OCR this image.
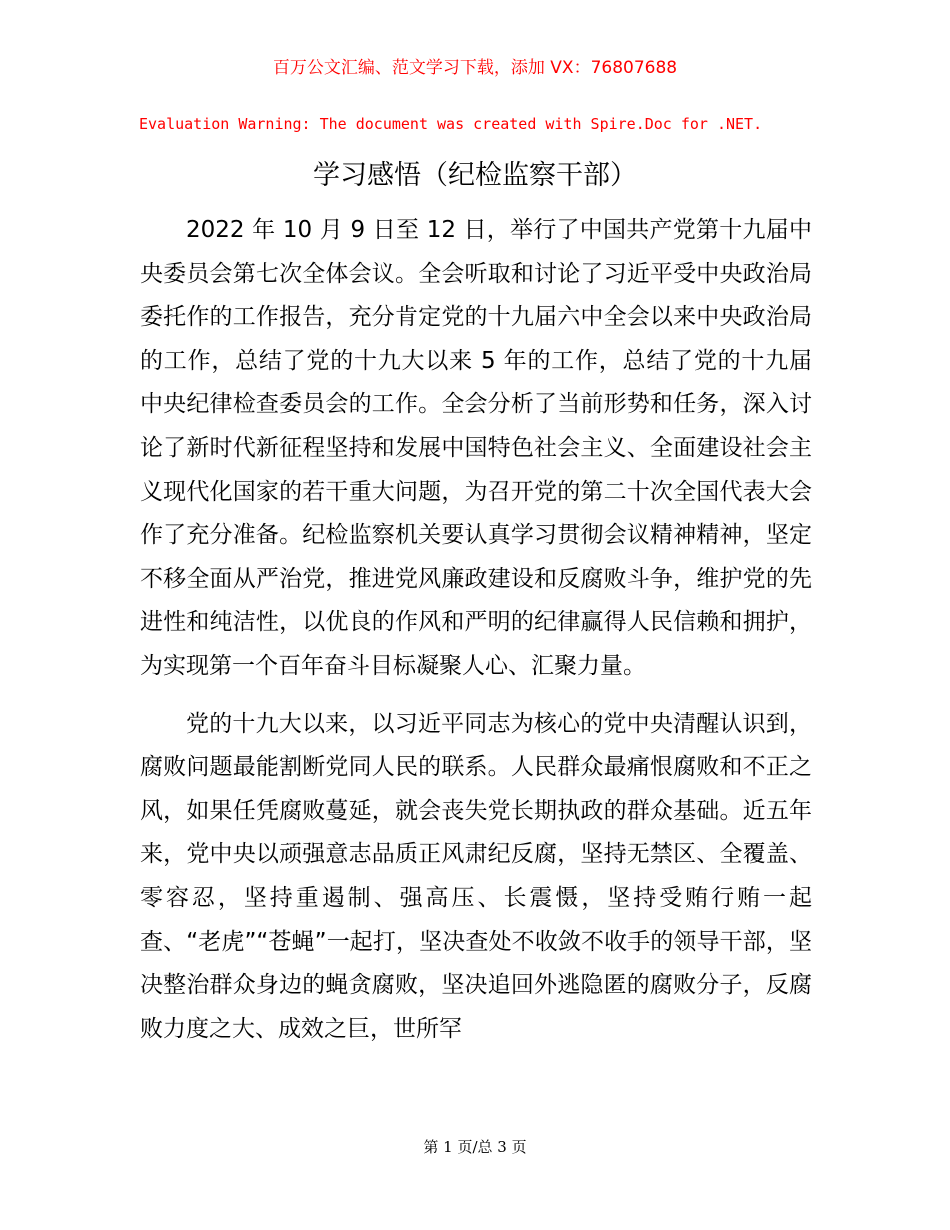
百万公文汇编、范文学习下载，添加 VX：76807688
Evaluation Warning: The document was created with Spire.Doc for .NET.
学习感悟（纪检监察干部）

2022 年 10 月 9 日至 12 日，举行了中国共产党第十九届中央委员会第七次全体会议。全会听取和讨论了习近平受中央政治局委托作的工作报告，充分肯定党的十九届六中全会以来中央政治局的工作，总结了党的十九大以来 5 年的工作，总结了党的十九届中央纪律检查委员会的工作。全会分析了当前形势和任务，深入讨论了新时代新征程坚持和发展中国特色社会主义、全面建设社会主义现代化国家的若干重大问题，为召开党的第二十次全国代表大会作了充分准备。纪检监察机关要认真学习贯彻会议精神精神，坚定不移全面从严治党，推进党风廉政建设和反腐败斗争，维护党的先进性和纯洁性，以优良的作风和严明的纪律赢得人民信赖和拥护，为实现第一个百年奋斗目标凝聚人心、汇聚力量。

党的十九大以来，以习近平同志为核心的党中央清醒认识到，腐败问题最能割断党同人民的联系。人民群众最痛恨腐败和不正之风，如果任凭腐败蔓延，就会丧失党长期执政的群众基础。近五年来，党中央以顽强意志品质正风肃纪反腐，坚持无禁区、全覆盖、零容忍，坚持重遏制、强高压、长震慑，坚持受贿行贿一起查、“老虎”“苍蝇”一起打，坚决查处不收敛不收手的领导干部，坚决整治群众身边的蝇贪腐败，坚决追回外逃隐匿的腐败分子，反腐败力度之大、成效之巨，世所罕

第 1 页/总 3 页
